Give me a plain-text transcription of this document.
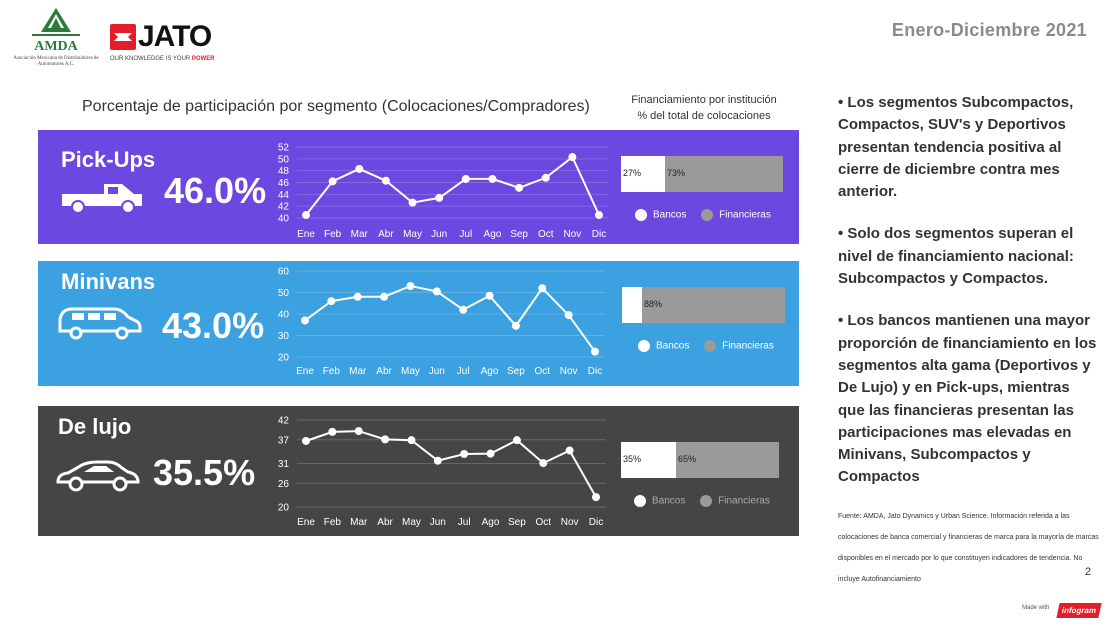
AMDA
Asociación Mexicana de Distribuidores de Automotores A.C.
JATO
OUR KNOWLEDGE IS YOUR POWER
Enero-Diciembre 2021
Porcentaje de participación por segmento (Colocaciones/Compradores)	Financiamiento por institución
% del total de colocaciones
Pick-Ups
46.0%
40
42
44
46
48
50
52
Ene Feb Mar Abr May Jun Jul Ago Sep Oct Nov Dic
27%	73%
Bancos	Financieras
Minivans
43.0%
20
30
40
50
60
Ene Feb Mar Abr May Jun Jul Ago Sep Oct Nov Dic
88%
Bancos	Financieras
De lujo
35.5%
20
26
31
37
42
Ene Feb Mar Abr May Jun Jul Ago Sep Oct Nov Dic
35%	65%
Bancos	Financieras
• Los segmentos Subcompactos, Compactos, SUV's y Deportivos presentan tendencia positiva al cierre de diciembre contra mes anterior.
• Solo dos segmentos superan el nivel de financiamiento nacional: Subcompactos y Compactos.
• Los bancos mantienen una mayor proporción de financiamiento en los segmentos alta gama (Deportivos y De Lujo) y en Pick-ups, mientras que las financieras presentan las participaciones mas elevadas en Minivans, Subcompactos y Compactos
Fuente: AMDA, Jato Dynamics y Urban Science. Información referida a las colocaciones de banca comercial y financieras de marca para la mayoría de marcas disponibles en el mercado por lo que constituyen indicadores de tendencia. No incluye Autofinanciamiento
2
Made with	infogram
